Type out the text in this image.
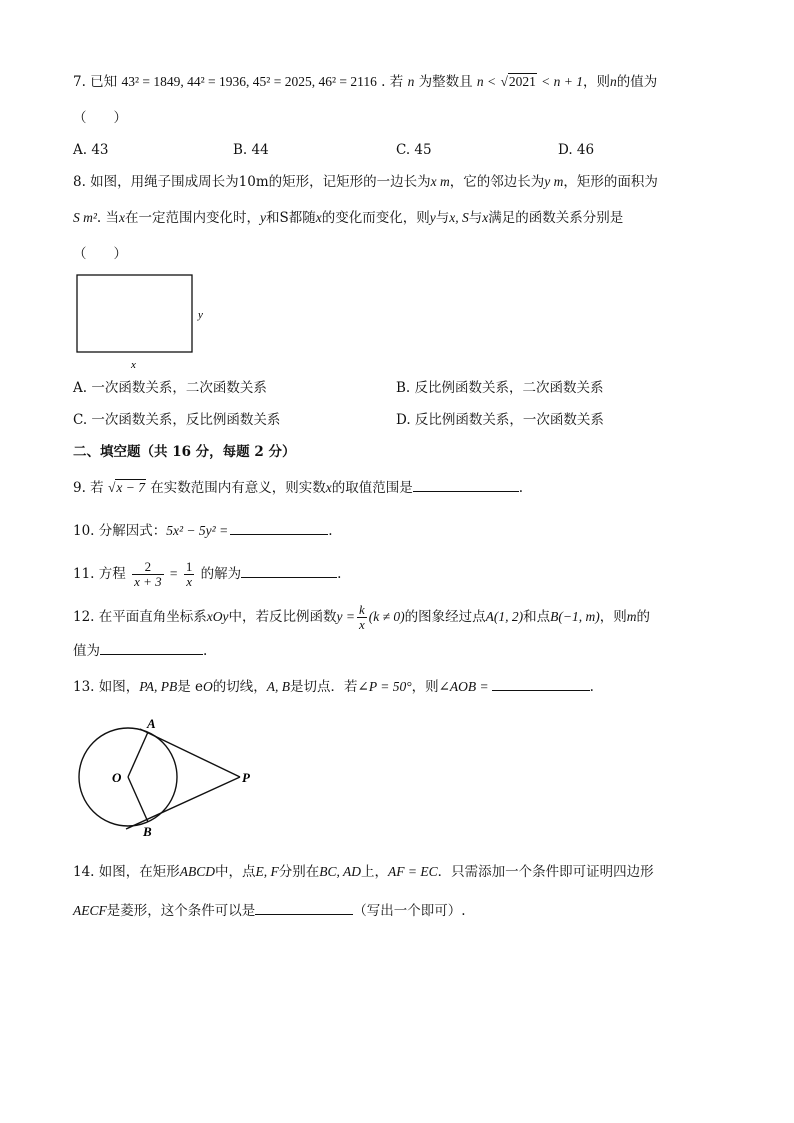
7. 已知 43² = 1849, 44² = 1936, 45² = 2025, 46² = 2116 . 若 n 为整数且 n < √2021 < n + 1，则n的值为
（　　）
A. 43	B. 44	C. 45	D. 46
8. 如图，用绳子围成周长为10m的矩形，记矩形的一边长为x m，它的邻边长为y m，矩形的面积为
S m². 当x在一定范围内变化时，y和S都随x的变化而变化，则y与x, S与x满足的函数关系分别是
（　　）
y
x
A. 一次函数关系，二次函数关系	B. 反比例函数关系，二次函数关系
C. 一次函数关系，反比例函数关系	D. 反比例函数关系，一次函数关系
二、填空题（共 16 分，每题 2 分）
9. 若 √x − 7 在实数范围内有意义，则实数x的取值范围是	.
10. 分解因式：5x² − 5y² =	.
11. 方程 $\frac{2}{x + 3} = \frac{1}{x}$ 的解为	.
12. 在平面直角坐标系xOy中，若反比例函数$y = \frac{k}{x} (k \ne 0)$的图象经过点A(1, 2)和点B(−1, m)，则m的
值为	.
13. 如图，PA, PB是 eO的切线，A, B是切点．若∠P = 50°，则∠AOB =	.
A
B
O	P
14. 如图，在矩形ABCD中，点E, F分别在BC, AD上，AF = EC．只需添加一个条件即可证明四边形
AECF是菱形，这个条件可以是	（写出一个即可）.
